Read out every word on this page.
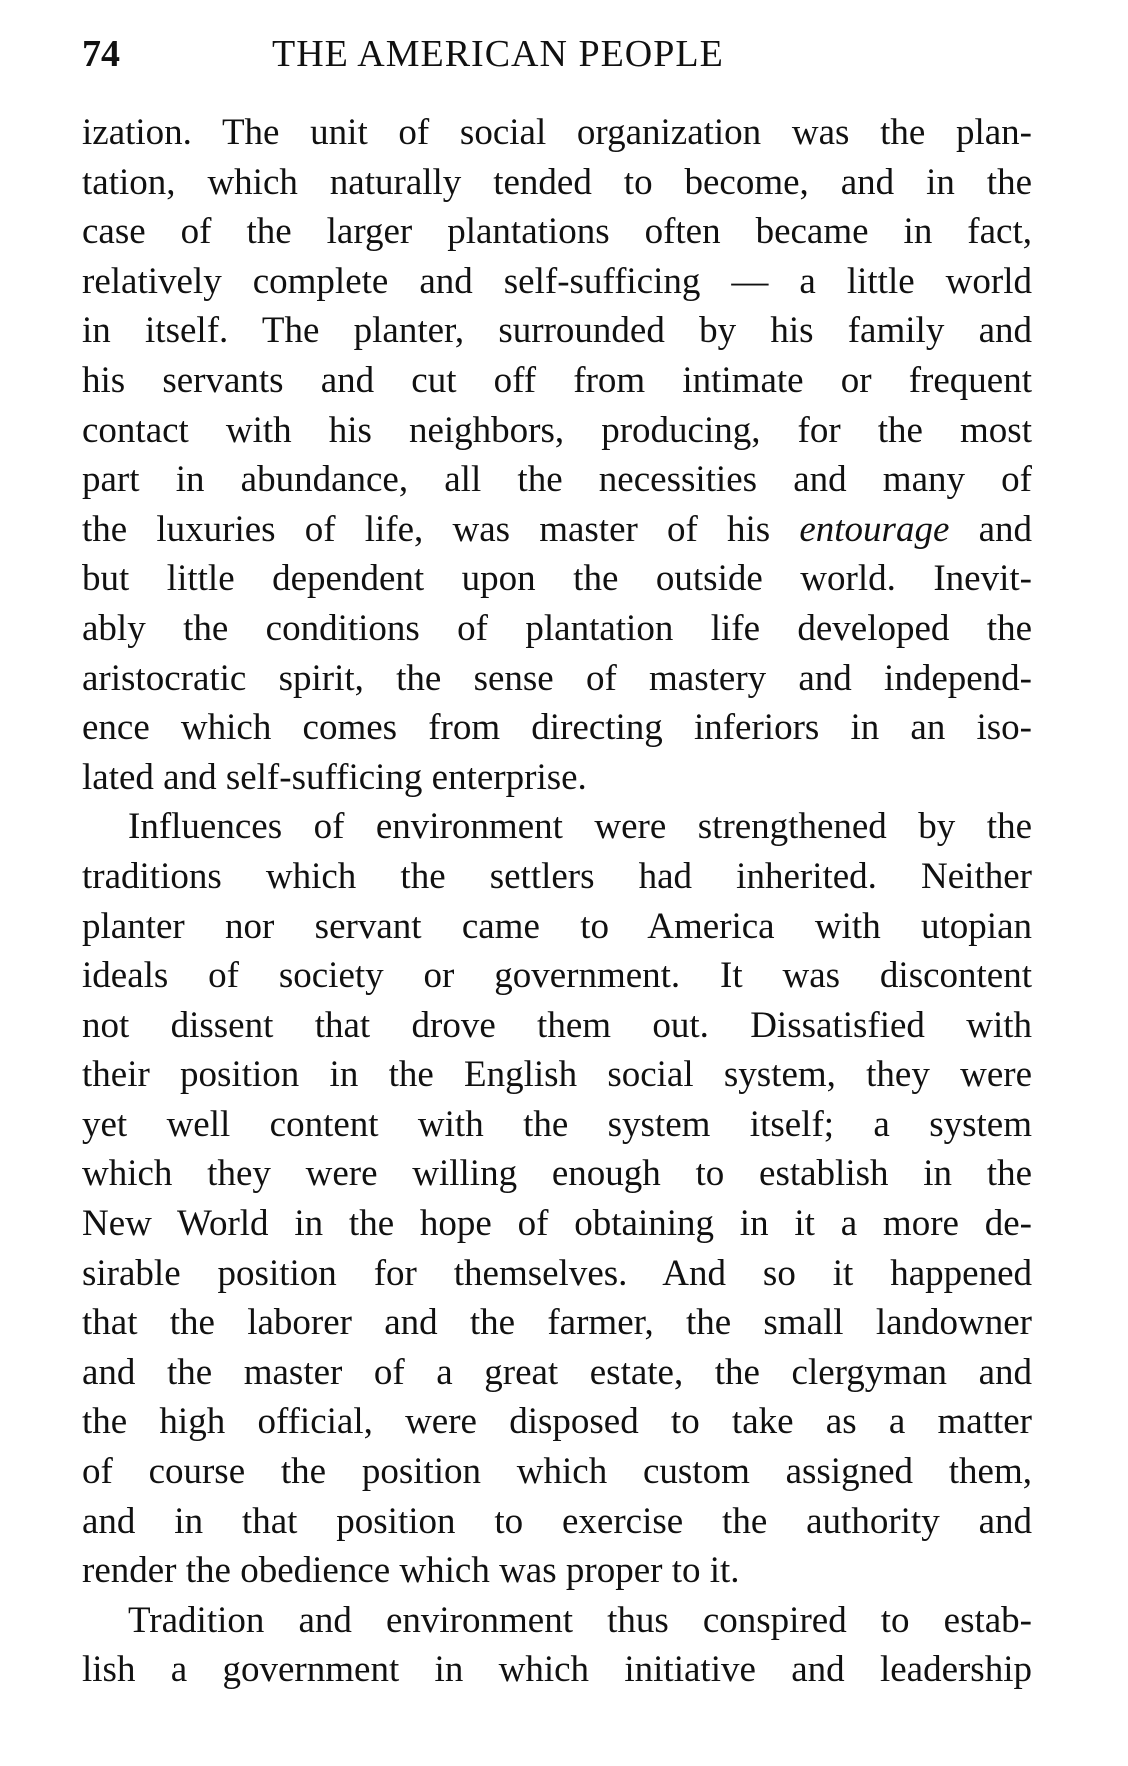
74	THE AMERICAN PEOPLE
ization. The unit of social organization was the plan-
tation, which naturally tended to become, and in the
case of the larger plantations often became in fact,
relatively complete and self-sufficing — a little world
in itself. The planter, surrounded by his family and
his servants and cut off from intimate or frequent
contact with his neighbors, producing, for the most
part in abundance, all the necessities and many of
the luxuries of life, was master of his entourage and
but little dependent upon the outside world. Inevit-
ably the conditions of plantation life developed the
aristocratic spirit, the sense of mastery and independ-
ence which comes from directing inferiors in an iso-
lated and self-sufficing enterprise.
Influences of environment were strengthened by the
traditions which the settlers had inherited. Neither
planter nor servant came to America with utopian
ideals of society or government. It was discontent
not dissent that drove them out. Dissatisfied with
their position in the English social system, they were
yet well content with the system itself; a system
which they were willing enough to establish in the
New World in the hope of obtaining in it a more de-
sirable position for themselves. And so it happened
that the laborer and the farmer, the small landowner
and the master of a great estate, the clergyman and
the high official, were disposed to take as a matter
of course the position which custom assigned them,
and in that position to exercise the authority and
render the obedience which was proper to it.
Tradition and environment thus conspired to estab-
lish a government in which initiative and leadership
